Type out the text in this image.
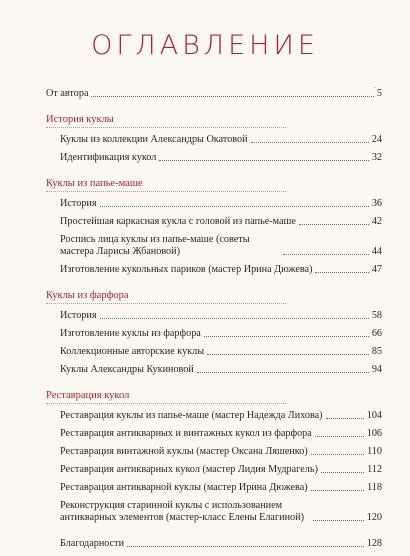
ОГЛАВЛЕНИЕ
´
От автора	5
История куклы
Куклы из коллекции Александры Окатовой	24
Идентификация кукол	32
Куклы из папье-маше
История	36
Простейшая каркасная кукла с головой из папье-маше	42
Роспись лица куклы из папье-маше (советы мастера Ларисы Жбановой)	44
Изготовление кукольных париков (мастер Ирина Дюжева)	47
Куклы из фарфора
История	58
Изготовление куклы из фарфора	66
Коллекционные авторские куклы	85
Куклы Александры Кукиновой	94
Реставрация кукол
Реставрация куклы из папье-маше (мастер Надежда Лихова)	104
Реставрация антикварных и винтажных кукол из фарфора	106
Реставрация винтажной куклы (мастер Оксана Ляшенко)	110
Реставрация антикварных кукол (мастер Лидия Мудрагель)	112
Реставрация антикварной куклы (мастер Ирина Дюжева)	118
Реконструкция старинной куклы с использованием антикварных элементов (мастер-класс Елены Елагиной)	120
Благодарности	128
